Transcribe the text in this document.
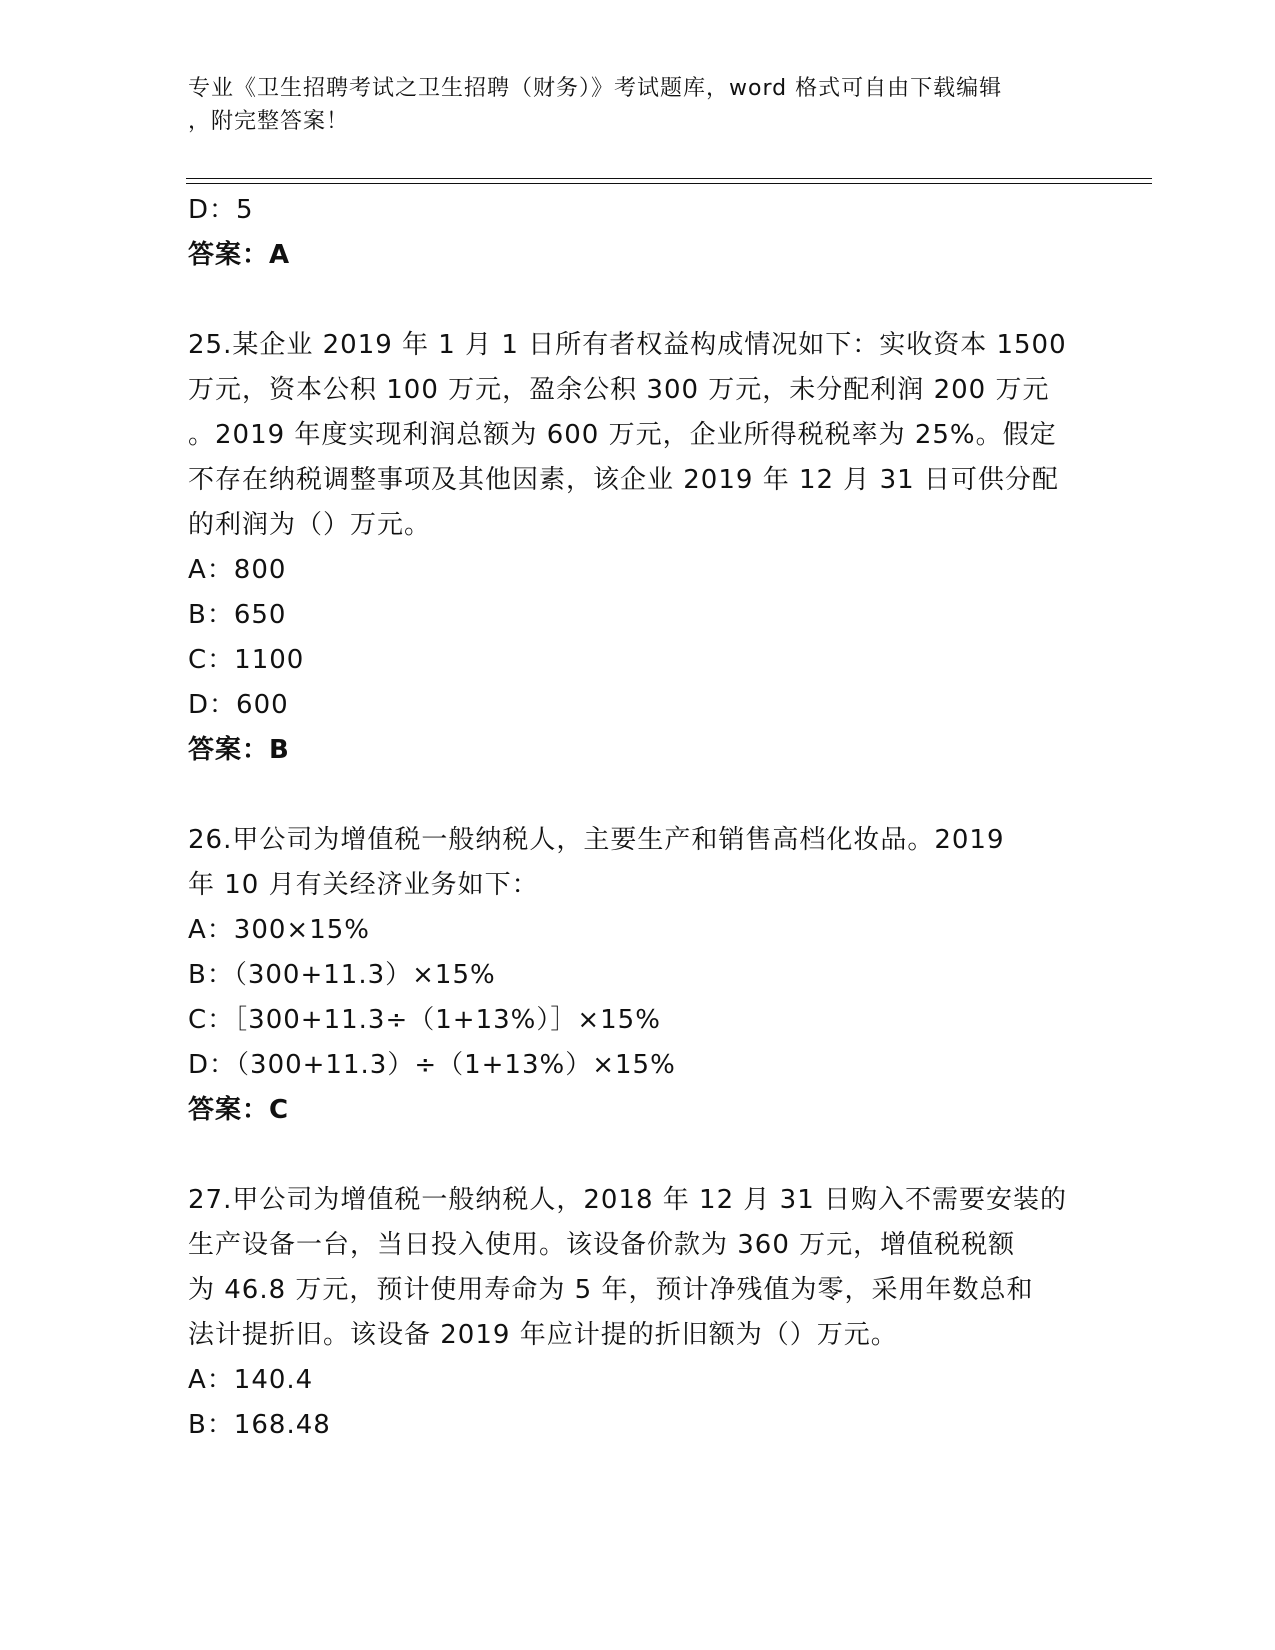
专业《卫生招聘考试之卫生招聘（财务）》考试题库，word 格式可自由下载编辑
，附完整答案！
D：5
答案：A
25.某企业 2019 年 1 月 1 日所有者权益构成情况如下：实收资本 1500
万元，资本公积 100 万元，盈余公积 300 万元，未分配利润 200 万元
。2019 年度实现利润总额为 600 万元，企业所得税税率为 25%。假定
不存在纳税调整事项及其他因素，该企业 2019 年 12 月 31 日可供分配
的利润为（）万元。
A：800
B：650
C：1100
D：600
答案：B
26.甲公司为增值税一般纳税人，主要生产和销售高档化妆品。2019
年 10 月有关经济业务如下：
A：300×15%
B：（300+11.3）×15%
C：［300+11.3÷（1+13%）］×15%
D：（300+11.3）÷（1+13%）×15%
答案：C
27.甲公司为增值税一般纳税人，2018 年 12 月 31 日购入不需要安装的
生产设备一台，当日投入使用。该设备价款为 360 万元，增值税税额
为 46.8 万元，预计使用寿命为 5 年，预计净残值为零，采用年数总和
法计提折旧。该设备 2019 年应计提的折旧额为（）万元。
A：140.4
B：168.48
